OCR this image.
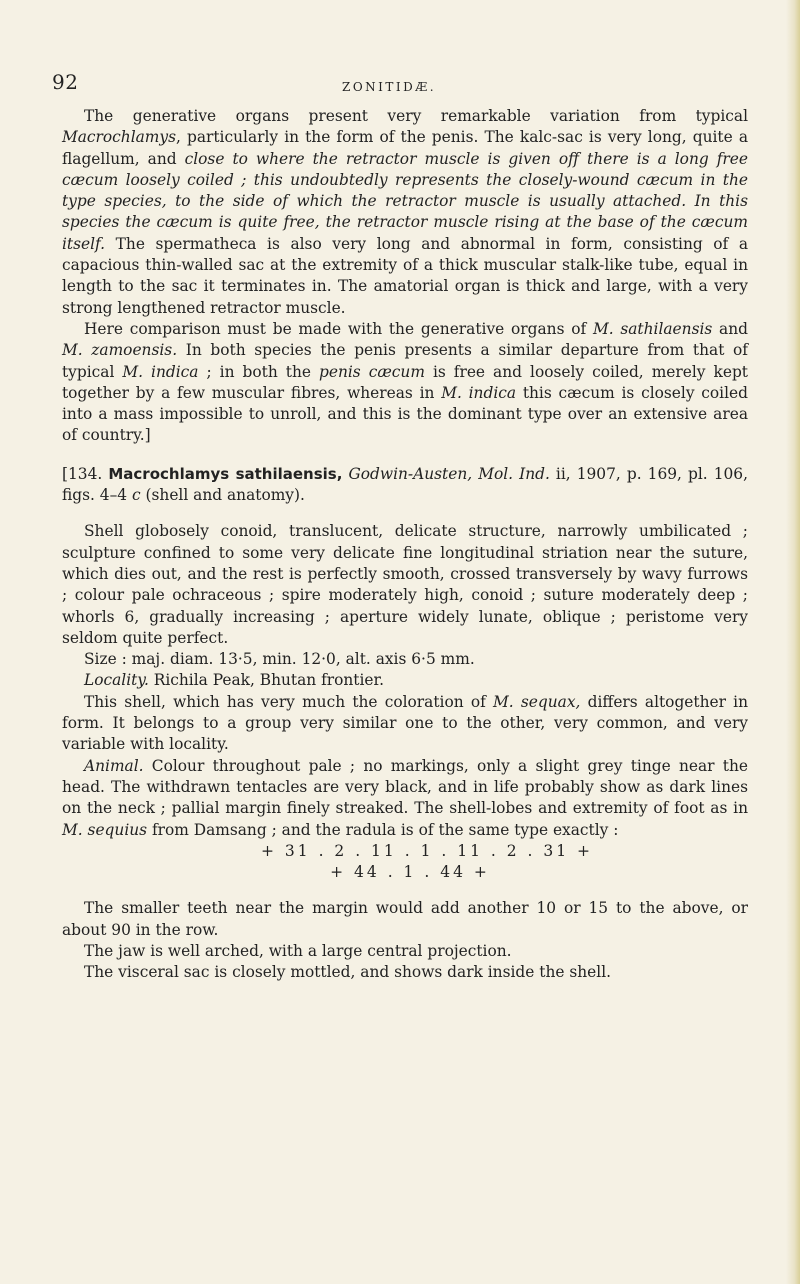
92	ZONITIDÆ.

The generative organs present very remarkable variation from typical Macrochlamys, particularly in the form of the penis. The kalc-sac is very long, quite a flagellum, and close to where the retractor muscle is given off there is a long free cæcum loosely coiled ; this undoubtedly represents the closely-wound cæcum in the type species, to the side of which the retractor muscle is usually attached. In this species the cæcum is quite free, the retractor muscle rising at the base of the cæcum itself. The spermatheca is also very long and abnormal in form, consisting of a capacious thin-walled sac at the extremity of a thick muscular stalk-like tube, equal in length to the sac it terminates in. The amatorial organ is thick and large, with a very strong lengthened retractor muscle.

Here comparison must be made with the generative organs of M. sathilaensis and M. zamoensis. In both species the penis presents a similar departure from that of typical M. indica ; in both the penis cæcum is free and loosely coiled, merely kept together by a few muscular fibres, whereas in M. indica this cæcum is closely coiled into a mass impossible to unroll, and this is the dominant type over an extensive area of country.]

[134. Macrochlamys sathilaensis, Godwin-Austen, Mol. Ind. ii, 1907, p. 169, pl. 106, figs. 4–4 c (shell and anatomy).

Shell globosely conoid, translucent, delicate structure, narrowly umbilicated ; sculpture confined to some very delicate fine longitudinal striation near the suture, which dies out, and the rest is perfectly smooth, crossed transversely by wavy furrows ; colour pale ochraceous ; spire moderately high, conoid ; suture moderately deep ; whorls 6, gradually increasing ; aperture widely lunate, oblique ; peristome very seldom quite perfect.

Size : maj. diam. 13·5, min. 12·0, alt. axis 6·5 mm.

Locality. Richila Peak, Bhutan frontier.

This shell, which has very much the coloration of M. sequax, differs altogether in form. It belongs to a group very similar one to the other, very common, and very variable with locality.

Animal. Colour throughout pale ; no markings, only a slight grey tinge near the head. The withdrawn tentacles are very black, and in life probably show as dark lines on the neck ; pallial margin finely streaked. The shell-lobes and extremity of foot as in M. sequius from Damsang ; and the radula is of the same type exactly :

+ 31 . 2 . 11 . 1 . 11 . 2 . 31 +

+ 44 . 1 . 44 +

The smaller teeth near the margin would add another 10 or 15 to the above, or about 90 in the row.

The jaw is well arched, with a large central projection.

The visceral sac is closely mottled, and shows dark inside the shell.
